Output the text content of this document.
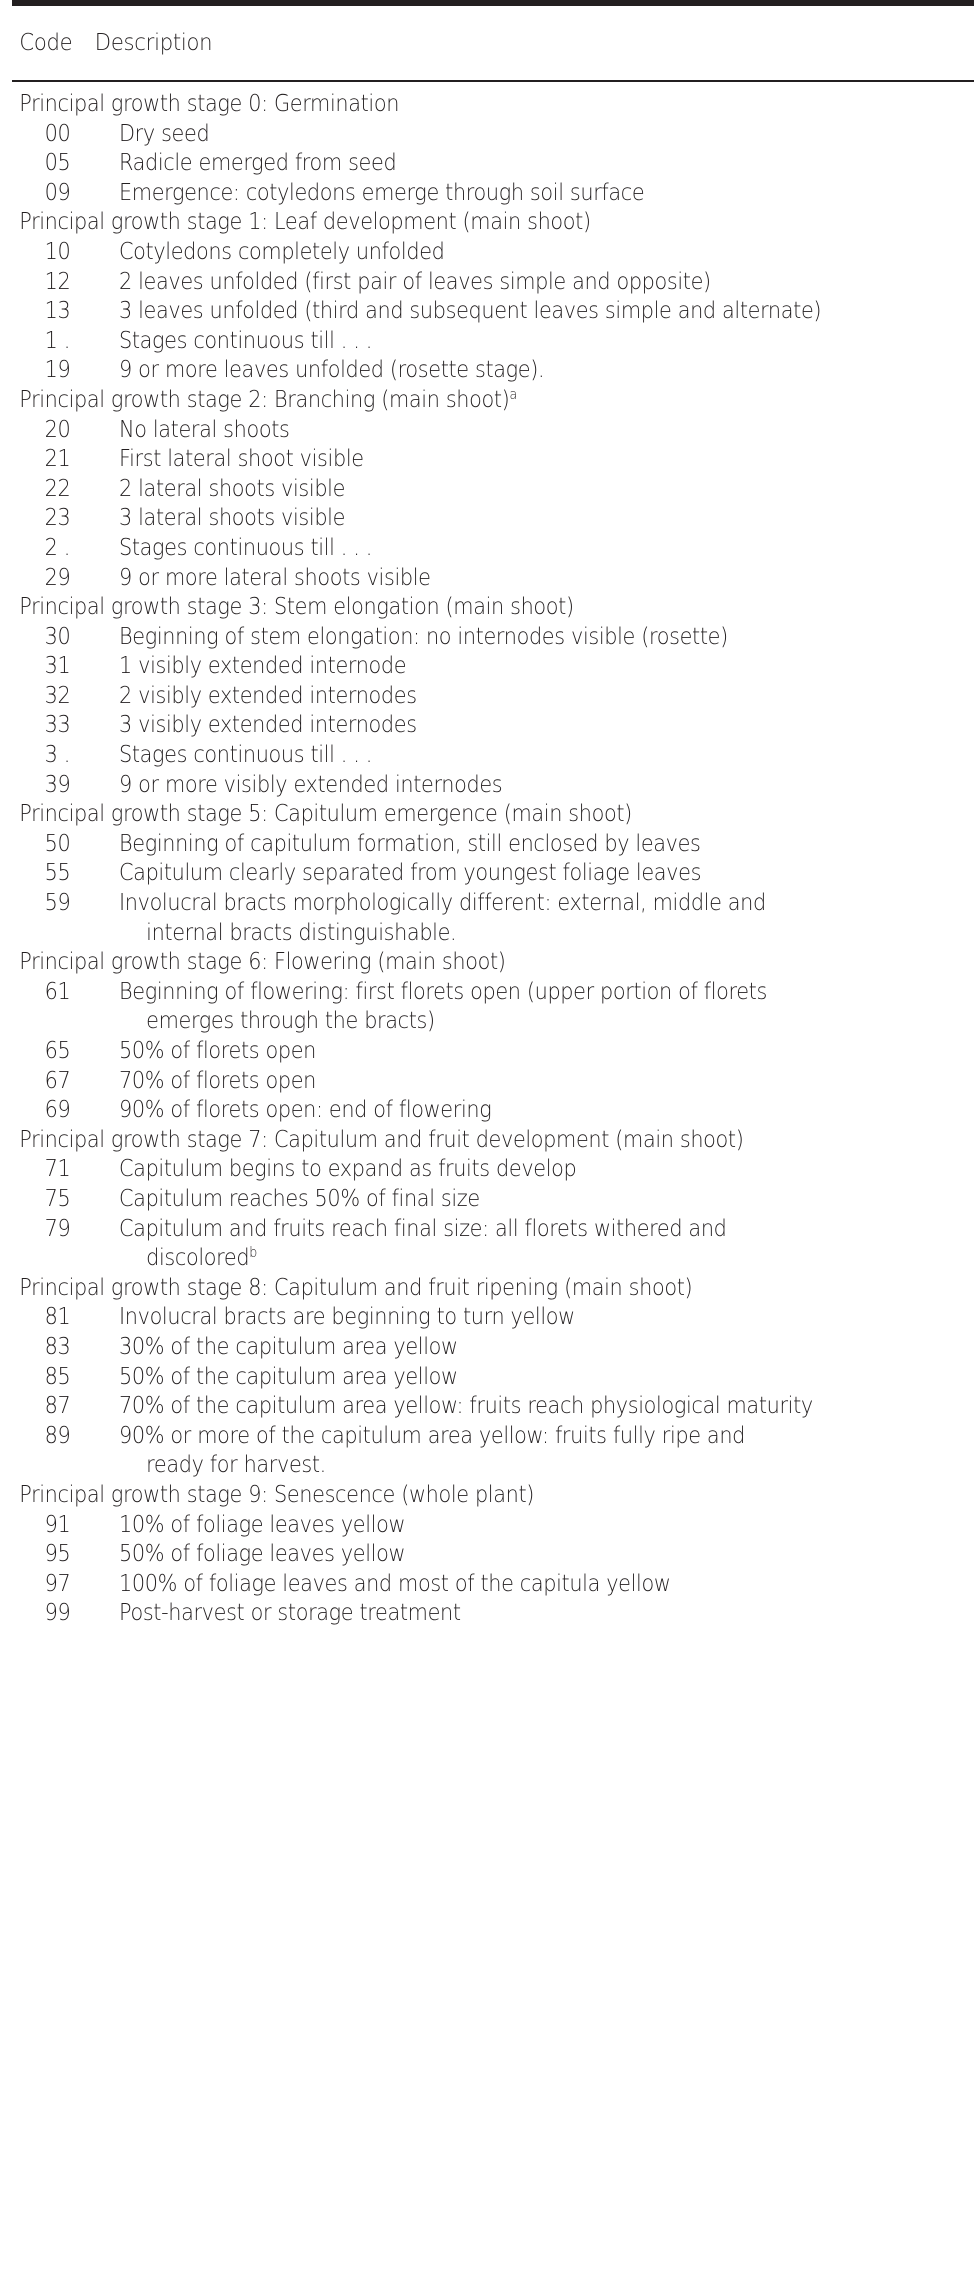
Code Description
Principal growth stage 0: Germination
00	Dry seed
05	Radicle emerged from seed
09	Emergence: cotyledons emerge through soil surface
Principal growth stage 1: Leaf development (main shoot)
10	Cotyledons completely unfolded
12	2 leaves unfolded (first pair of leaves simple and opposite)
13	3 leaves unfolded (third and subsequent leaves simple and alternate)
1 .	Stages continuous till . . .
19	9 or more leaves unfolded (rosette stage).
Principal growth stage 2: Branching (main shoot)$^a$
20	No lateral shoots
21	First lateral shoot visible
22	2 lateral shoots visible
23	3 lateral shoots visible
2 .	Stages continuous till . . .
29	9 or more lateral shoots visible
Principal growth stage 3: Stem elongation (main shoot)
30	Beginning of stem elongation: no internodes visible (rosette)
31	1 visibly extended internode
32	2 visibly extended internodes
33	3 visibly extended internodes
3 .	Stages continuous till . . .
39	9 or more visibly extended internodes
Principal growth stage 5: Capitulum emergence (main shoot)
50	Beginning of capitulum formation, still enclosed by leaves
55	Capitulum clearly separated from youngest foliage leaves
59	Involucral bracts morphologically different: external, middle and
internal bracts distinguishable.
Principal growth stage 6: Flowering (main shoot)
61	Beginning of flowering: first florets open (upper portion of florets
emerges through the bracts)
65	50% of florets open
67	70% of florets open
69	90% of florets open: end of flowering
Principal growth stage 7: Capitulum and fruit development (main shoot)
71	Capitulum begins to expand as fruits develop
75	Capitulum reaches 50% of final size
79	Capitulum and fruits reach final size: all florets withered and
discolored$^b$
Principal growth stage 8: Capitulum and fruit ripening (main shoot)
81	Involucral bracts are beginning to turn yellow
83	30% of the capitulum area yellow
85	50% of the capitulum area yellow
87	70% of the capitulum area yellow: fruits reach physiological maturity
89	90% or more of the capitulum area yellow: fruits fully ripe and
ready for harvest.
Principal growth stage 9: Senescence (whole plant)
91	10% of foliage leaves yellow
95	50% of foliage leaves yellow
97	100% of foliage leaves and most of the capitula yellow
99	Post-harvest or storage treatment
